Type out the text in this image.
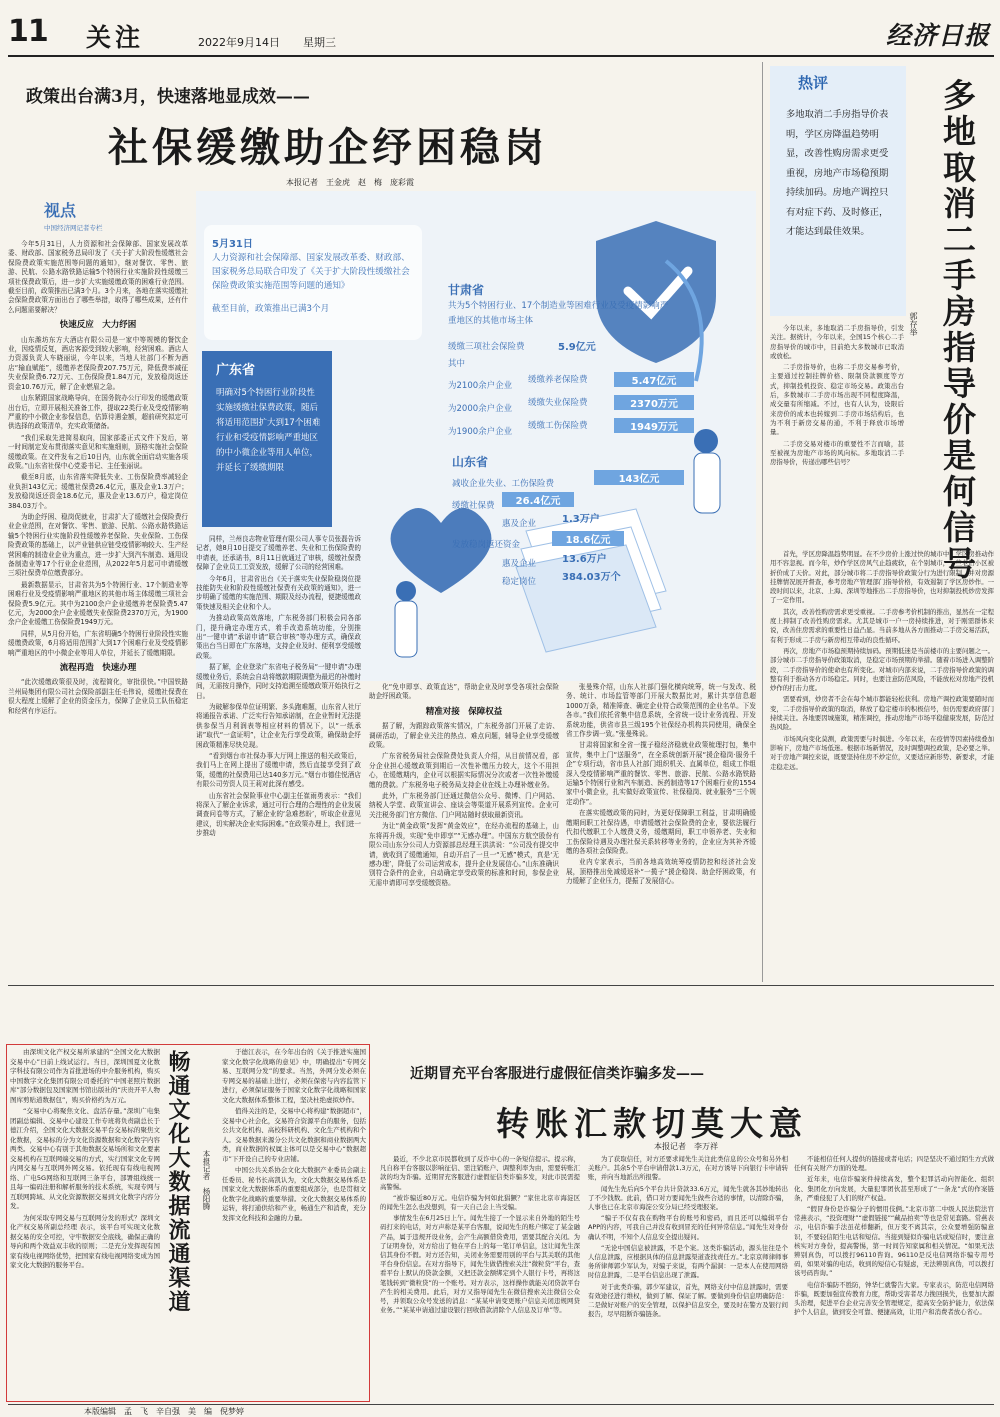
11 关注	2022年9月14日 星期三	经济日报
政策出台满3月，快速落地显成效——
社保缓缴助企纾困稳岗
视点
中国经济网记者专栏
本报记者　王金虎　赵　梅　庞彩霞
5月31日
人力资源和社会保障部、国家发展改革委、财政部、国家税务总局联合印发了《关于扩大阶段性缓缴社会保险费政策实施范围等问题的通知》
截至目前，政策推出已满3个月
广东省
明确对5个特困行业阶段性实施缓缴社保费政策，随后将适用范围扩大到17个困难行业和受疫情影响严重地区的中小微企业等用人单位，并延长了缓缴期限
甘肃省
共为5个特困行业、17个制造业等困难行业及受疫情影响严重地区的其他市场主体
缓缴三项社会保险费	5.9亿元
其中
为2100余户企业
缓缴养老保险费	5.47亿元
为2000余户企业
缓缴失业保险费	2370万元
为1900余户企业
缓缴工伤保险费	1949万元
山东省
减收企业失业、工伤保险费	143亿元
缓缴社保费	26.4亿元
惠及企业	1.3万户
发放稳岗返还资金	18.6亿元
惠及企业	13.6万户
稳定岗位	384.03万个

今年5月31日，人力资源和社会保障部、国家发展改革委、财政部、国家税务总局印发了《关于扩大阶段性缓缴社会保险费政策实施范围等问题的通知》，继对餐饮、零售、旅游、民航、公路水路铁路运输5个特困行业实施阶段性缓缴三项社保费政策后，进一步扩大实施缓缴政策的困难行业范围。截至目前，政策推出已满3个月。3个月来，各地在落实缓缴社会保险费政策方面出台了哪些举措，取得了哪些成果，还有什么问题需要解决？

快速反应　大力纾困

山东潍坊东方大酒店有限公司是一家中等规模的餐饮企业，因疫情反复，酒店客源受到较大影响，经营困难。酒店人力资源负责人车晓丽说，今年以来，当地人社部门不断为酒店“输血赋能”，缓缴养老保险费207.75万元，降低费率减征失业保险费6.72万元、工伤保险费1.84万元，发放稳岗返还资金10.76万元，解了企业燃眉之急。

山东紧跟国家战略导向，在国务院办公厅印发的缓缴政策出台后，立即开展相关准备工作，提取22类行业及受疫情影响严重的中小微企业参保信息，估算待遇金额，超前研究拟定可供选择的政策清单，充实政策储备。

“我们采取先进简易取向，国家部委正式文件下发后，第一时间制定发布贯彻落实意见和实施细则，顶格实施社会保险缓缴政策。在文件发布之后10日内，山东就全面启动实施各项政策。”山东省社保中心党委书记、主任张丽说。

截至8月底，山东省落实降低失业、工伤保险费率减轻企业负担143亿元；缓缴社保费26.4亿元，惠及企业1.3万户；发放稳岗返还资金18.6亿元，惠及企业13.6万户，稳定岗位384.03万个。

为助企纾困、稳岗促就业，甘肃扩大了缓缴社会保险费行业企业范围，在对餐饮、零售、旅游、民航、公路水路铁路运输5个特困行业实施阶段性缓缴养老保险、失业保险、工伤保险费政策的基础上，以产业链供应链受疫情影响较大、生产经营困难的制造业企业为重点，进一步扩大到汽车制造、通用设备制造业等17个行业企业范围，从2022年5月起可申请缓缴三项社保费单位缴费部分。

最新数据显示，甘肃省共为5个特困行业、17个制造业等困难行业及受疫情影响严重地区的其他市场主体缓缴三项社会保险费5.9亿元。其中为2100余户企业缓缴养老保险费5.47亿元，为2000余户企业缓缴失业保险费2370万元，为1900余户企业缓缴工伤保险费1949万元。

同样，从5月份开始，广东省明确5个特困行业阶段性实施缓缴费政策，6月将适用范围扩大到17个困难行业及受疫情影响严重地区的中小微企业等用人单位，并延长了缓缴期限。

流程再造　快速办理

“此次缓缴政策很及时，流程简化，审批很快。”中国铁路兰州局集团有限公司社会保险部副主任毛伟说，缓缴社保费在很大程度上缓解了企业的资金压力，保障了企业员工队伍稳定和经营有序运行。

同样，兰州良志物业管理有限公司人事专员张磊告诉记者，她8月10日提交了缓缴养老、失业和工伤保险费的申请表，还承诺书，8月11日就通过了审核，缓缴社保费保障了企业员工工资发放，缓解了公司的经营困难。

今年6月，甘肃省出台《关于落实失业保险稳岗位提技能防失业和阶段性缓缴社保费有关政策的通知》，进一步明确了缓缴的实施范围、期限及经办流程，便捷缓缴政策快速及相关企业和个人。

为推动政策高效落地，广东税务部门积极会同各部门，提升确定办理方式，着手改造系统功能，分别推出“一键申请”承诺申请“联合审核”等办理方式，确保政策出台当日即在广东落地，支持企业及时、便利享受缓缴政策。

据了解，企业登录广东省电子税务局“一键申请”办理缓缴业务后，系统会自动将缴款期限调整为最迟的补缴时间，无需按月操作，同时支持追溯至缓缴政策开始执行之日。

为破解参保单位证明繁、多头跑难题，山东省人社厅将通报告承诺、广泛实行告知承诺制，在企业暂时无法提供参保当月利润表等相应材料的情况下，以“一纸承诺”取代“一盒证明”，让企业先行享受政策，确保助企纾困政策精准尽快兑现。

“看到烟台市社保办事大厅网上推送的相关政策后，我们马上在网上提出了缓缴申请，然后直接享受到了政策，缓缴的社保费用已达140多万元。”烟台市德佳悦酒店有限公司劳资人员王莉对此深有感受。

山东省社会保险事业中心副主任崔雨勇表示：“我们将深入了解企业诉求，通过可行合理的合理性的企业发展调查问卷等方式，了解企业的‘急难愁盼’，听取企业意见建议，切实解决企业实际困难。”在政策办理上，我们进一步推动

化“免申即享、政策直达”，帮助企业及时享受各项社会保险助企纾困政策。

精准对接　保障权益

据了解，为跟踪政策落实情况，广东税务部门开展了走访、调研活动，了解企业关注的热点、难点问题，辅导企业享受缓缴政策。

广东省税务局社会保险费处负责人介绍，从目前情况看，部分企业担心缓缴政策到期后一次性补缴压力较大，这个不用担心，在缓缴期内，企业可以根据实际情况分次或者一次性补缴缓缴的费款。广东税务电子税务局支持企业在线上办理补缴业务。

此外，广东税务部门还通过微信公众号、微博、门户网站、纳税人学堂、政策宣讲会、座谈会等渠道开展系列宣传。企业可关注税务部门官方微信、门户网站随时获取最新资讯。

为让“黄金政策”发挥“黄金效应”，在经办流程的基础上，山东将再升级，实现“免申即享”“无感办理”。中国东方航空股份有限公司山东分公司人力资源部总经理王洪洪说：“公司没有提交申请，就收到了缓缴通知，自动开启了一旦一“无感”模式，真是‘无感办理’，降低了公司运营成本，提升企业发展信心。”山东准确识别符合条件的企业，自动确定享受政策的标准和时间，参保企业无需申请即可享受缓缴资格。

张曼殊介绍，山东人社部门强化横向统筹，统一与发改、税务、统计、市场监管等部门开展大数据比对，累计共享信息超1000万条，精准筛查、确定企业符合政策范围的企业名单。下发各市。”我们依托省集中信息系统，全省统一设计业务流程、开发系统功能，供省市县三级195个社保经办机构共同使用，确保全省工作步调一致。”张曼殊说。

甘肃将国家和全省一揽子稳经济稳就业政策梳理打包，集中宣传，集中上门“送服务”，在全系统创新开展“援企稳岗·服务千企”专项行动，省市县人社部门组织机关、直属单位，组成工作组深入受疫情影响严重的餐饮、零售、旅游、民航、公路水路铁路运输5个特困行业和汽车制造、医药制造等17个困难行业的1554家中小微企业，扎实做好政策宣传、社保稳岗、就业服务“三个规定动作”。

在落实缓缴政策的同时，为更好保障职工利益，甘肃明确缓缴期间职工社保待遇，申请缓缴社会保险费的企业，要依法履行代扣代缴职工个人缴费义务，缓缴期间，职工申领养老、失业和工伤保险待遇及办理社保关系转移等业务的，企业应为其补齐缓缴的各项社会保险费。

业内专家表示，当前各地高效统筹疫情防控和经济社会发展，顶格推出免减缓返补“一揽子”援企稳岗、助企纾困政策，有力缓解了企业压力，提振了发展信心。

热评
多地取消二手房指导价表明，学区房降温趋势明显，改善性购房需求更受重视，房地产市场稳预期持续加码。房地产调控只有对症下药、及时修正，才能达到最佳效果。	多地取消二手房指导价是何信号
郭存举

今年以来，多地取消二手房指导价，引发关注。据统计，今年以来，全国15个核心二手房指导价的城市中，目前绝大多数城市已取消或放松。

二手房指导价，也称二手房交易参考价，主要通过控制挂牌价格、限制贷款额度等方式，抑制投机投资、稳定市场交易。政策出台后，多数城市二手房市场出现不同程度降温，成交量有所缩减。不过，也有人认为，设限后来房价的成本也转嫁到二手房市场结构后，也为不利于新房交易的通，不利于释放市场增量。

二手房交易对楼市的重要性不言而喻，甚至被视为房地产市场的风向标。多地取消二手房指导价，传递出哪些信号？

首先，学区房降温趋势明显。在不少房价上涨过快的城市中，学区房推动作用不容忽视。而今年，炒作学区房风气止趋疲软，在个别城市，一些老旧小区被折价成了天价。对此，部分城市将二手房指导价政策分行为进行限制，并对房源挂牌情况展开督查，参考房地产管理部门指导价格，有效遏制了学区房炒作。一段时间以来，北京、上海、深圳等地推出二手房指导价，也对抑制投机炒房发挥了一定作用。

其次，改善性购房需求更受重视。二手房参考价机制的推出，显然在一定程度上抑制了改善性购房需求。尤其是城市一户一房持续推进，对于刚需群体来说，改善住房需求的重要性日益凸显。当前多地从各方面推动二手房交易活跃，有利于形成二手房与新房相互带动的良性循环。

再次，房地产市场稳预期持续加码。预期低迷是当前楼市的主要问题之一。部分城市二手房指导价政策取消，是稳定市场预期的举措。随着市场进入调整阶段，二手房指导价的使命也有所变化。对城市内部来说，二手房指导价政策的调整有利于推动各方市场稳定。同时，也要注意防范风险，不能放松对房地产投机炒作的打击力度。

需要看到，炒房者不会在每个城市都能轻松获利。房地产调控政策要随时而变，二手房指导价政策的取消，释放了稳定楼市的积极信号，但仍需要政府部门持续关注。各地要因城施策，精准调控，推动房地产市场平稳健康发展，防范过热风险。

市场风向变化莫测，政策需要与时俱进。今年以来，在疫情等因素持续叠加影响下，房地产市场低迷。根据市场新情况，及时调整调控政策，是必要之举。对于房地产调控来说，既要坚持住房不炒定位，又要适应新形势、新要求，才能走稳走远。

由深圳文化产权交易所承建的“全国文化大数据交易中心”日前上线试运行。当日，深圳国夏文化数字科技有限公司作为首批进场的中介服务机构，购买中国数字文化集团有限公司委托的“中国老照片数据库”部分数据包及国家图书馆出版社的“庆贵开平人物图库剪贴道数据包”，购买价格约为万元。

“交易中心将聚焦文化、盘活存量。”深圳广电集团副总编辑、交易中心建设工作专班将负责副总长于德江介绍，全国文化大数据交易平台交易标的聚焦文化数据，交易标的分为文化资源数据和文化数字内容两类。交易中心有别于其他数据交易场所和文化要素交易机构在互联网端交易的方式，实行国家文化专网内网交易与互联网外网交易。依托现有有线电视网络、广电5G网络和互联网三条平台，部署组线统一且每一编码注册和解析服务的技术系统，实现专网与互联网跨域、从文化资源数据交易到文化数字内容分发。

为何采取专网交易与互联网分发的形式？深圳文化产权交易所副总经理 表示，该平台可实现文化数据交易的安全可控，守牢数据安全底线，确保正确的导向和两个效益双丰收的原则；二是充分发挥现有国家有线电视网络优势，把国家有线电视网络变成为国家文化大数据的服务平台。	畅通文化大数据流通渠道 本报记者　杨阳腾

于德江表示，在今年出台的《关于推进实施国家文化数字化战略的意见》中，明确提出“专网交易、互联网分发”的要求。当然，外网分发必须在专网交易的基础上进行，必须在保密与内容监管下进行，必须保证服务于国家文化数字化战略和国家文化大数据体系整体工程，坚决杜绝虚拟炒作。

值得关注的是，交易中心将构建“数据超市”，交易中心社会化，交易符合资源平台的服务，包括公共文化机构、高校科研机构、文化生产机构和个人。交易数据来源分公共文化数据和商业数据两大类，商业数据的权属主体可以是交易中心“数据超市”下开设自己的专业店铺。

中国公共关系协会文化大数据产业委员会副主任委员、秘书长高凯认为，文化大数据交易体系是国家文化大数据体系的重要组成部分，也是贯彻文化数字化战略的重要举措。文化大数据交易体系的运转，将打通供给和产业，畅通生产和消费，充分发挥文化科技和金融的力量。

近期冒充平台客服进行虚假征信类诈骗多发——
转账汇款切莫大意
本报记者　李万祥

最近，不少北京市民都收到了反诈中心的一条短信提示。提示称，凡自称平台客服以影响征信、需注销账户、调整利率为由，需要转账汇款的均为诈骗。近期冒充客服进行虚假征信类诈骗多发，对此市民需提高警惕。

“被诈骗近80万元。电信诈骗为何如此猖獗？”家住北京市海淀区的闻先生怎么也没想到，有一天自己会上当受骗。

事情发生在6月25日上午。闻先生接了一个显示来自外地的陌生号码打来的电话，对方声称是某平台客服，说闻先生的账户绑定了某金融产品，属于违规开设业务，会产生高额借贷费用，需要其配合关闭。为了证明身份，对方给出了他在平台上的每一笔订单信息，这让闻先生深信其身份不假。对方还告知，关闭业务需要用别的平台与其关联的其他平台身份信息。在对方指导下，闻先生做借搜索关注“微粒贷”平台，查看平台上默认的贷款金额，又把还款金额绑定到个人银行卡号，再将这笔钱转到“微粒贷”的一个账号。对方表示，这样操作就能关闭贷款平台产生的相关费用。此后，对方又指导闻先生在微信搜索关注微信公众号，并领取公众号发送的消息：“某某申请变更账户信息关闭违规网贷业务。”“某某申请通过建设银行回收借款清除个人信息及订单”等。

为了获取信任，对方还要求闻先生关注此类信息的公众号和另外相关账户。其余5个平台申请借款1,3万元，在对方诱导下向银行卡申请转账，并向当地派出所报警。

闻先生先后向5个平台共计贷款33.6万元，闻先生就各其妙地转出了不少钱数。此前，借口对方要闻先生做些合适的事情，以清除诈骗，人事也已在北京市海淀公安分局已经受理报案。

“骗子不仅有我在购物平台的账号和密码，而且还可以编辑平台APP的内容，可我自己并没有收到冒充的任何异常信息。”闻先生对身份确认不明，不知个人信息安全提出疑问。

“无论中国信息被泄露，不是个案。这类诈骗活动，源头往往是个人信息泄露，应根据具体的信息泄露渠道查找责任方。”北京京师律师事务所律师郭少军认为，对骗子来说，有两个漏洞：一是本人在使用网络时信息泄露，二是平台信息出现了泄露。

对于此类诈骗，郭少军建议，首先，网络支付中信息泄露时，需要有效途径进行维权，做到了解、保证了解。要做到身份信息明确防范：二是做好对账户的安全管理，以保护信息安全，要及时在警方及银行间报告，尽早阻断诈骗链条。

不能相信任何人提供的链接或者电话；四是坚决不通过陌生方式做任何有关财产方面的处理。

近年来，电信诈骗案件持续高发，整个犯罪活动向智能化、组织化、集团化方向发展，大量犯罪团伙甚至形成了“一条龙”式的作案链条，严重侵犯了人们的财产权益。

“假冒身份是诈骗分子的惯用伎俩。”北京市第二中级人民法院法官常燕表示，“投资理财”“虚假链接”“藏品拍卖”等也是常见套路。常燕表示，电信诈骗手法虽花样翻新，但万变不离其宗，公众要增强防骗意识，不要轻信陌生电话和短信。当接到疑似诈骗电话或短信时，要注意核实对方身份，提高警惕，第一时间告知家属和相关情况。“如果无法辨别真伪，可以拨打96110咨询。96110是反电信网络诈骗专用号码，如果对骗的电话，收到的短信心有疑虑，无法辨别真伪，可以拨打该号码咨询。”

电信诈骗防不胜防，钟华仁就警告大家。专家表示，防范电信网络诈骗，既要加强宣传教育力度，帮助受害者尽力挽回损失，也要加大源头治理，促进平台企业完善安全管理规定，提高安全防护能力，依法保护个人信息，做到安全可靠、便捷高效，让用户和消费者放心省心。

本版编辑　孟　飞　辛自强　美　编　倪梦婷
